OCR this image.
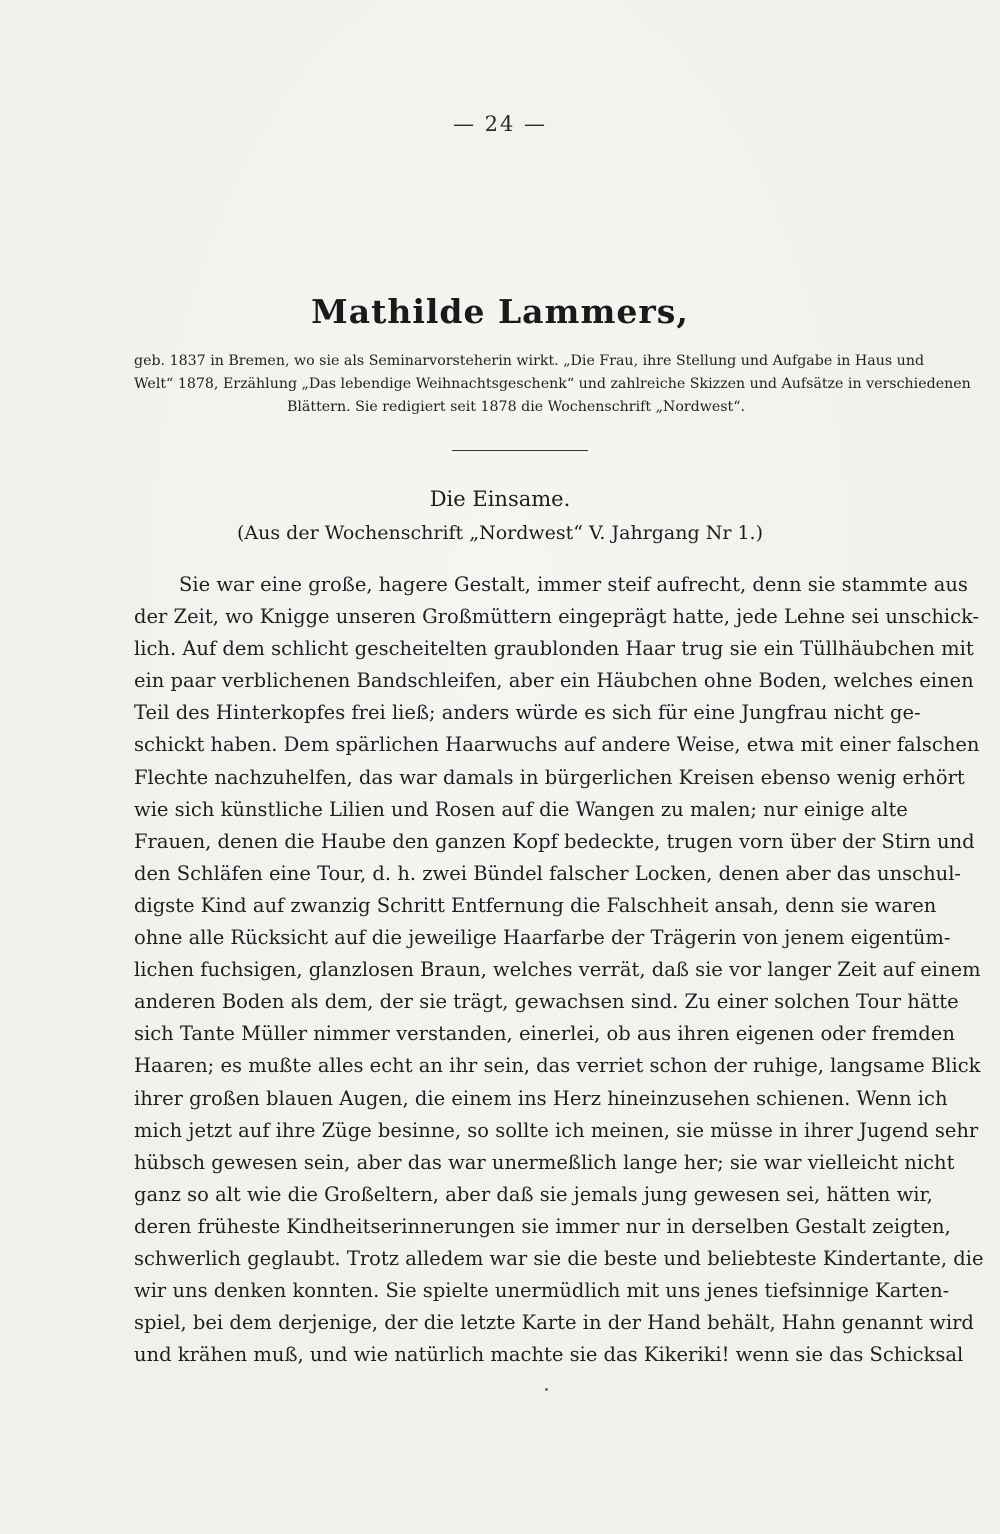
— 24 —
Mathilde Lammers,
geb. 1837 in Bremen, wo sie als Seminarvorsteherin wirkt. „Die Frau, ihre Stellung und Aufgabe in Haus und
Welt“ 1878, Erzählung „Das lebendige Weihnachtsgeschenk“ und zahlreiche Skizzen und Aufsätze in verschiedenen
Blättern. Sie redigiert seit 1878 die Wochenschrift „Nordwest“.
Die Einsame.
(Aus der Wochenschrift „Nordwest“ V. Jahrgang Nr 1.)
Sie war eine große, hagere Gestalt, immer steif aufrecht, denn sie stammte aus
der Zeit, wo Knigge unseren Großmüttern eingeprägt hatte, jede Lehne sei unschick-
lich. Auf dem schlicht gescheitelten graublonden Haar trug sie ein Tüllhäubchen mit
ein paar verblichenen Bandschleifen, aber ein Häubchen ohne Boden, welches einen
Teil des Hinterkopfes frei ließ; anders würde es sich für eine Jungfrau nicht ge-
schickt haben. Dem spärlichen Haarwuchs auf andere Weise, etwa mit einer falschen
Flechte nachzuhelfen, das war damals in bürgerlichen Kreisen ebenso wenig erhört
wie sich künstliche Lilien und Rosen auf die Wangen zu malen; nur einige alte
Frauen, denen die Haube den ganzen Kopf bedeckte, trugen vorn über der Stirn und
den Schläfen eine Tour, d. h. zwei Bündel falscher Locken, denen aber das unschul-
digste Kind auf zwanzig Schritt Entfernung die Falschheit ansah, denn sie waren
ohne alle Rücksicht auf die jeweilige Haarfarbe der Trägerin von jenem eigentüm-
lichen fuchsigen, glanzlosen Braun, welches verrät, daß sie vor langer Zeit auf einem
anderen Boden als dem, der sie trägt, gewachsen sind. Zu einer solchen Tour hätte
sich Tante Müller nimmer verstanden, einerlei, ob aus ihren eigenen oder fremden
Haaren; es mußte alles echt an ihr sein, das verriet schon der ruhige, langsame Blick
ihrer großen blauen Augen, die einem ins Herz hineinzusehen schienen. Wenn ich
mich jetzt auf ihre Züge besinne, so sollte ich meinen, sie müsse in ihrer Jugend sehr
hübsch gewesen sein, aber das war unermeßlich lange her; sie war vielleicht nicht
ganz so alt wie die Großeltern, aber daß sie jemals jung gewesen sei, hätten wir,
deren früheste Kindheitserinnerungen sie immer nur in derselben Gestalt zeigten,
schwerlich geglaubt. Trotz alledem war sie die beste und beliebteste Kindertante, die
wir uns denken konnten. Sie spielte unermüdlich mit uns jenes tiefsinnige Karten-
spiel, bei dem derjenige, der die letzte Karte in der Hand behält, Hahn genannt wird
und krähen muß, und wie natürlich machte sie das Kikeriki! wenn sie das Schicksal
